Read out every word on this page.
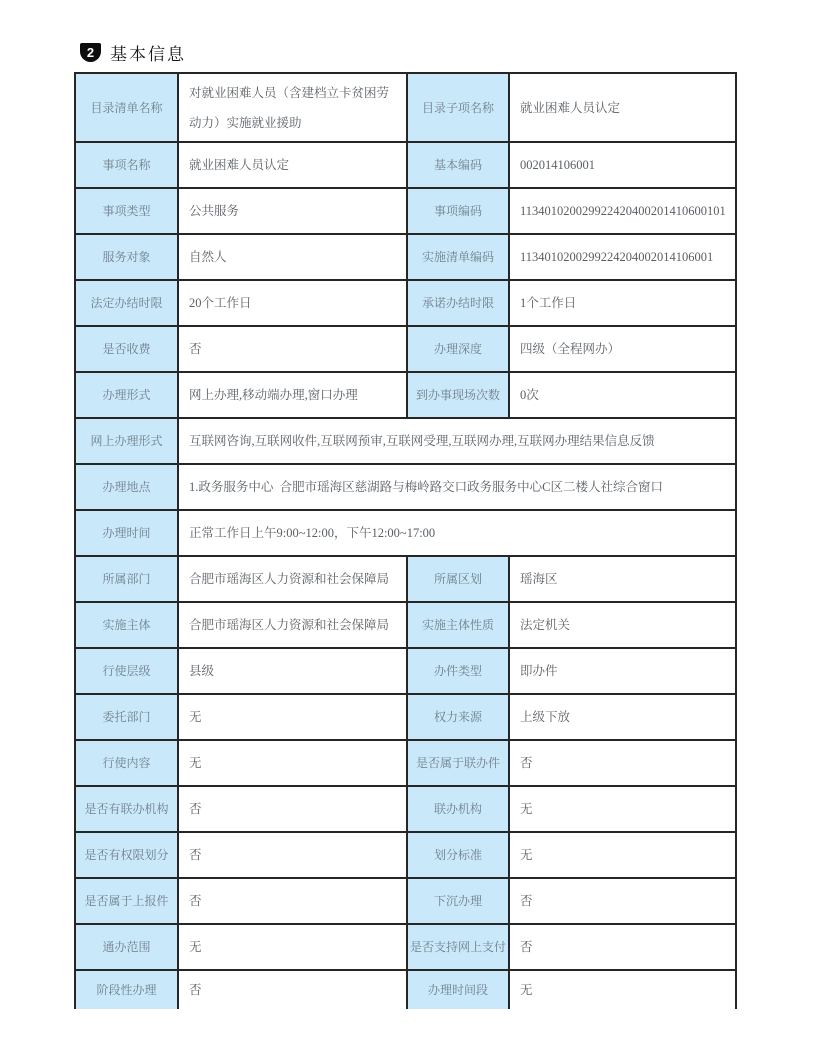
2 基本信息
目录清单名称	对就业困难人员（含建档立卡贫困劳动力）实施就业援助	目录子项名称	就业困难人员认定
事项名称	就业困难人员认定	基本编码	002014106001
事项类型	公共服务	事项编码	113401020029922420400201410600101
服务对象	自然人	实施清单编码	1134010200299224204002014106001
法定办结时限	20个工作日	承诺办结时限	1个工作日
是否收费	否	办理深度	四级（全程网办）
办理形式	网上办理,移动端办理,窗口办理	到办事现场次数	0次
网上办理形式	互联网咨询,互联网收件,互联网预审,互联网受理,互联网办理,互联网办理结果信息反馈		
办理地点	1.政务服务中心  合肥市瑶海区慈湖路与梅岭路交口政务服务中心C区二楼人社综合窗口		
办理时间	正常工作日上午9:00~12:00，下午12:00~17:00		
所属部门	合肥市瑶海区人力资源和社会保障局	所属区划	瑶海区
实施主体	合肥市瑶海区人力资源和社会保障局	实施主体性质	法定机关
行使层级	县级	办件类型	即办件
委托部门	无	权力来源	上级下放
行使内容	无	是否属于联办件	否
是否有联办机构	否	联办机构	无
是否有权限划分	否	划分标准	无
是否属于上报件	否	下沉办理	否
通办范围	无	是否支持网上支付	否
阶段性办理	否	办理时间段	无
